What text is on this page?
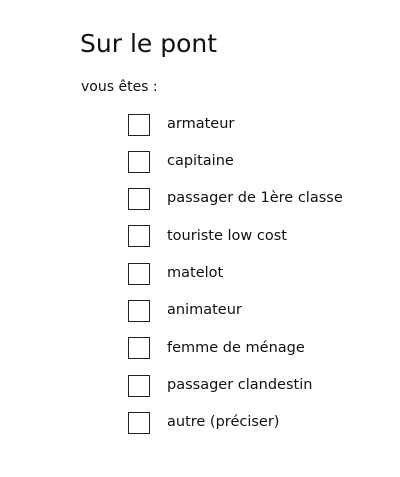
Sur le pont
vous êtes :
armateur
capitaine
passager de 1ère classe
touriste low cost
matelot
animateur
femme de ménage
passager clandestin
autre (préciser)
